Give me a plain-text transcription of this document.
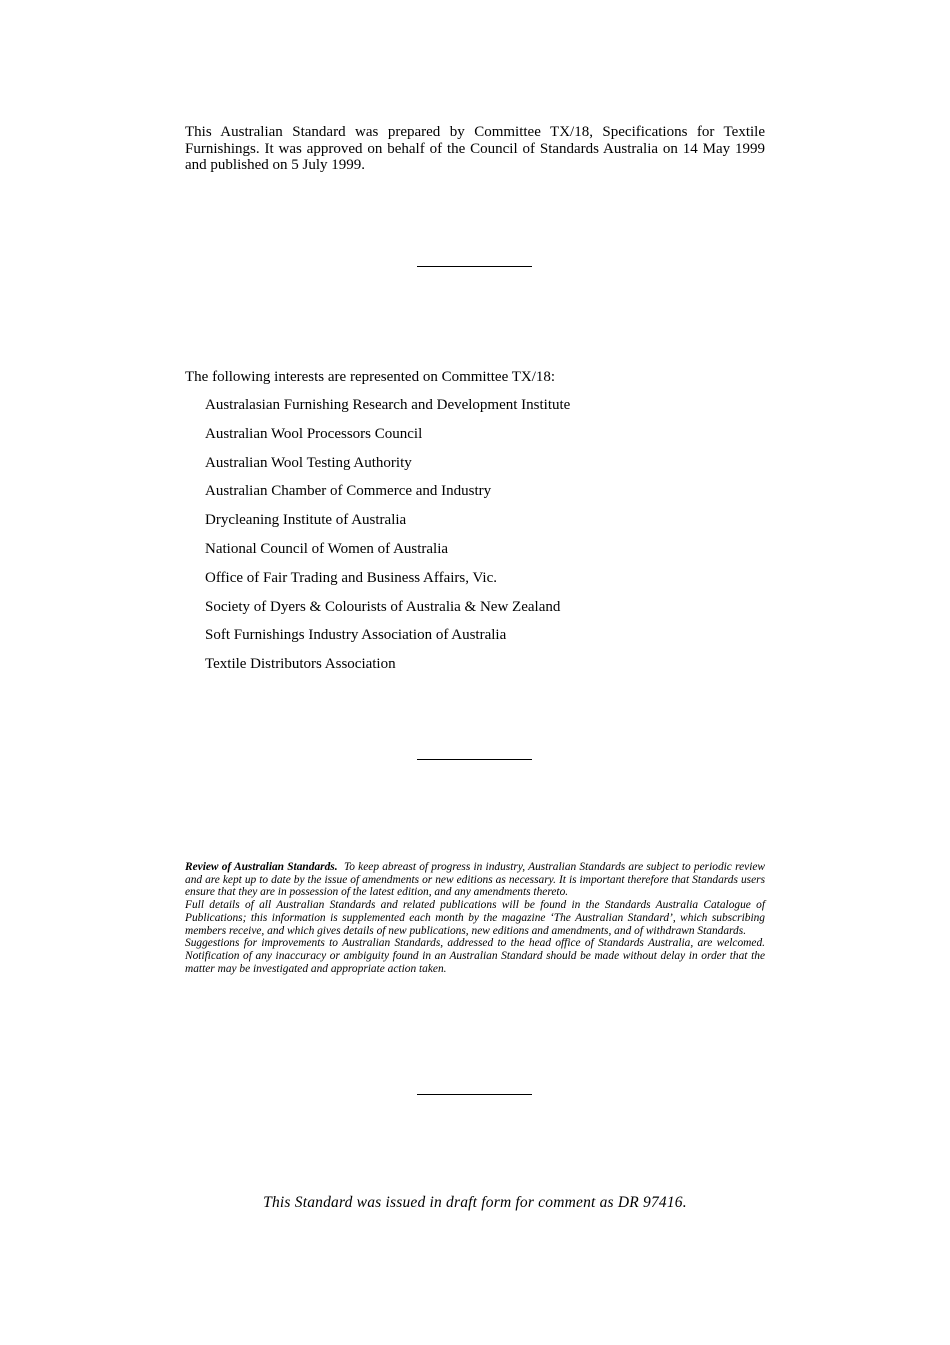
This Australian Standard was prepared by Committee TX/18, Specifications for Textile Furnishings. It was approved on behalf of the Council of Standards Australia on 14 May 1999 and published on 5 July 1999.

The following interests are represented on Committee TX/18:

Australasian Furnishing Research and Development Institute
Australian Wool Processors Council
Australian Wool Testing Authority
Australian Chamber of Commerce and Industry
Drycleaning Institute of Australia
National Council of Women of Australia
Office of Fair Trading and Business Affairs, Vic.
Society of Dyers & Colourists of Australia & New Zealand
Soft Furnishings Industry Association of Australia
Textile Distributors Association

Review of Australian Standards. To keep abreast of progress in industry, Australian Standards are subject to periodic review and are kept up to date by the issue of amendments or new editions as necessary. It is important therefore that Standards users ensure that they are in possession of the latest edition, and any amendments thereto.

Full details of all Australian Standards and related publications will be found in the Standards Australia Catalogue of Publications; this information is supplemented each month by the magazine ‘The Australian Standard’, which subscribing members receive, and which gives details of new publications, new editions and amendments, and of withdrawn Standards.

Suggestions for improvements to Australian Standards, addressed to the head office of Standards Australia, are welcomed. Notification of any inaccuracy or ambiguity found in an Australian Standard should be made without delay in order that the matter may be investigated and appropriate action taken.

This Standard was issued in draft form for comment as DR 97416.
